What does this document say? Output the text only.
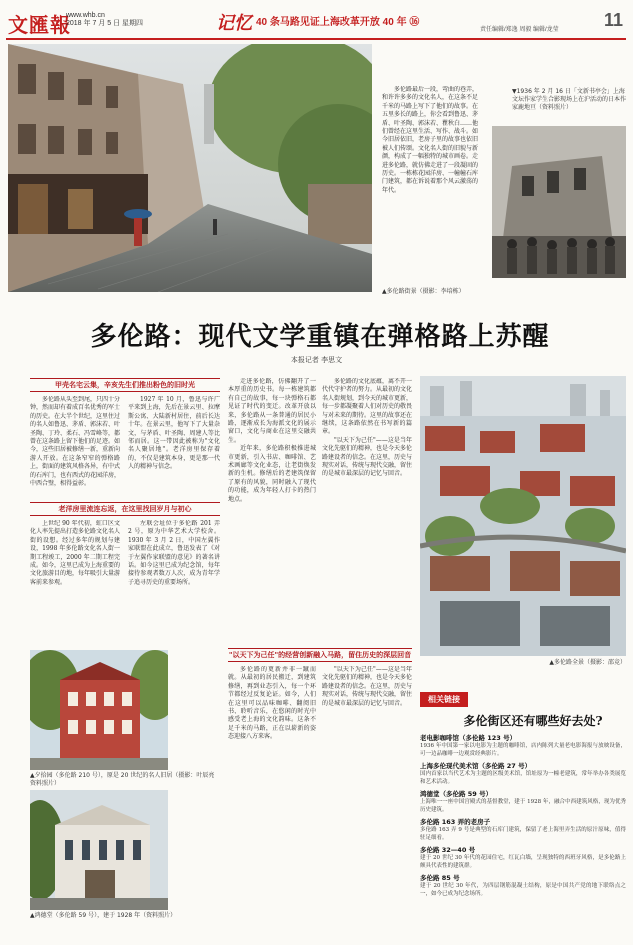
文匯報
www.whb.cn
2018 年 7 月 5 日 星期四	记忆 40 条马路见证上海改革开放 40 年 ⑯
责任编辑/郑逸 周毅 编辑/龙莹	11

多伦路最后一段，弯曲的巷弄，和许许多多的文化名人，在这条不足千米的马路上写下了他们的故事。在五里多长的路上，你会看到鲁迅、茅盾、叶圣陶、郭沫若、瞿秋白……他们曾经在这里生活、写作、战斗。如今旧居依旧，老房子里的故事也依旧被人们传颂。文化名人街的旧貌与新颜，构成了一幅独特的城市画卷。走进多伦路，就仿佛走进了一段凝固的历史。一栋栋花园洋房、一幢幢石库门建筑，都在诉说着那个风云激荡的年代。

▼1936 年 2 月 16 日「文新书亭会」上海文坛作家学生合影现场上在沪活动的日本作家鹿地亘（资料照片）
▲多伦路街景（摄影：李培栋）
多伦路：现代文学重镇在弹格路上苏醒
本报记者 李思文
甲壳名宅云集，辛亥先生们推出粉色的旧时光

多伦路从头至到尾，只四十分钟，然而却有着成百名优秀的军士的历史。在大半个世纪，这里住过的名人如鲁迅、茅盾、郭沫若、叶圣陶、丁玲、柔石、冯雪峰等，都曾在这条路上留下他们的足迹。如今，这些旧居被修缮一新，重新向游人开放。在这条窄窄的弹格路上，街面的建筑风格各异，有中式的石库门，也有西式的花园洋房，中西合璧，相得益彰。

1927 年 10 月，鲁迅与许广平来到上海，先后在景云里、拉摩斯公寓、大陆新村居住，前后长达十年。在景云里，他写下了大量杂文，与茅盾、叶圣陶、周建人等比邻而居。这一带因此被称为"文化名人聚居地"。老洋房里保存着的，不仅是建筑本身，更是那一代人的精神与信念。

老洋房里流连忘返，在这里找回岁月与初心

上世纪 90 年代初，虹口区文化人率先提出打造多伦路文化名人街的设想。经过多年的规划与建设，1998 年多伦路文化名人街一期工程竣工，2000 年二期工程完成。如今，这里已成为上海重要的文化旅游目的地，每年吸引大量游客前来参观。

左联会址位于多伦路 201 弄 2 号，原为中华艺术大学校舍。1930 年 3 月 2 日，中国左翼作家联盟在此成立，鲁迅发表了《对于左翼作家联盟的意见》的著名讲话。如今这里已成为纪念馆，每年接待参观者数万人次，成为青年学子追寻历史的重要场所。

走进多伦路，仿佛翻开了一本厚重的历史书。每一栋建筑都有自己的故事，每一块弹格石都见证了时代的变迁。改革开放以来，多伦路从一条普通的居民小路，逐渐成长为海派文化的展示窗口，文化与商业在这里交融共生。

近年来，多伦路积极推进城市更新，引入书店、咖啡馆、艺术画廊等文化业态，让老街焕发新的生机。修缮后的老建筑保留了原有的风貌，同时融入了现代的功能，成为年轻人打卡的热门地点。

多伦路的文化底蕴，离不开一代代守护者的努力。从最初的文化名人街规划，到今天的城市更新，每一步都凝聚着人们对历史的敬畏与对未来的期待。这里的故事还在继续，这条路依然在书写新的篇章。

"以天下为己任"——这是当年文化先驱们的精神，也是今天多伦路建设者的信念。在这里，历史与现实对话，传统与现代交融，留住的是城市最深层的记忆与回音。

▲夕拾园（多伦路 210 号），原是 20 世纪的名人旧居（摄影：叶辰亮 资料照片）
▲鸿德堂（多伦路 59 号），建于 1928 年（资料照片）
"以天下为己任"的经营创新融入马路，留住历史的深层回音

多伦路的更新并非一蹴而就。从最初的居民搬迁，到建筑修缮，再到业态引入，每一个环节都经过反复论证。如今，人们在这里可以品味咖啡、翻阅旧书、聆听音乐，在悠闲的时光中感受老上海的文化韵味。这条不足千米的马路，正在以崭新的姿态迎接八方来客。

"以天下为己任"——这是当年文化先驱们的精神，也是今天多伦路建设者的信念。在这里，历史与现实对话，传统与现代交融，留住的是城市最深层的记忆与回音。

▲多伦路全景（摄影：邵竞）
相关链接
多伦街区还有哪些好去处?
老电影咖啡馆（多伦路 123 号）
1936 年中国第一家以电影为主题的咖啡馆，店内陈列大量老电影海报与放映设备，可一边品咖啡一边观赏经典影片。
上海多伦现代美术馆（多伦路 27 号）
国内首家以当代艺术为主题的区级美术馆，馆址原为一幢老建筑，常年举办各类展览和艺术活动。
鸿德堂（多伦路 59 号）
上海唯一一座中国宫殿式的基督教堂，建于 1928 年，融合中西建筑风格，现为优秀历史建筑。
多伦路 163 弄的老房子
多伦路 163 弄 9 号是典型的石库门建筑，保留了老上海里弄生活的原汁原味，值得驻足细看。
多伦路 32—40 号
建于 20 世纪 30 年代的花园住宅，红瓦白墙，呈现独特的西班牙风格，是多伦路上颇具代表性的建筑群。
多伦路 85 号
建于 20 世纪 30 年代，为四层钢筋混凝土结构，原是中国共产党的地下联络点之一，如今已成为纪念场所。
